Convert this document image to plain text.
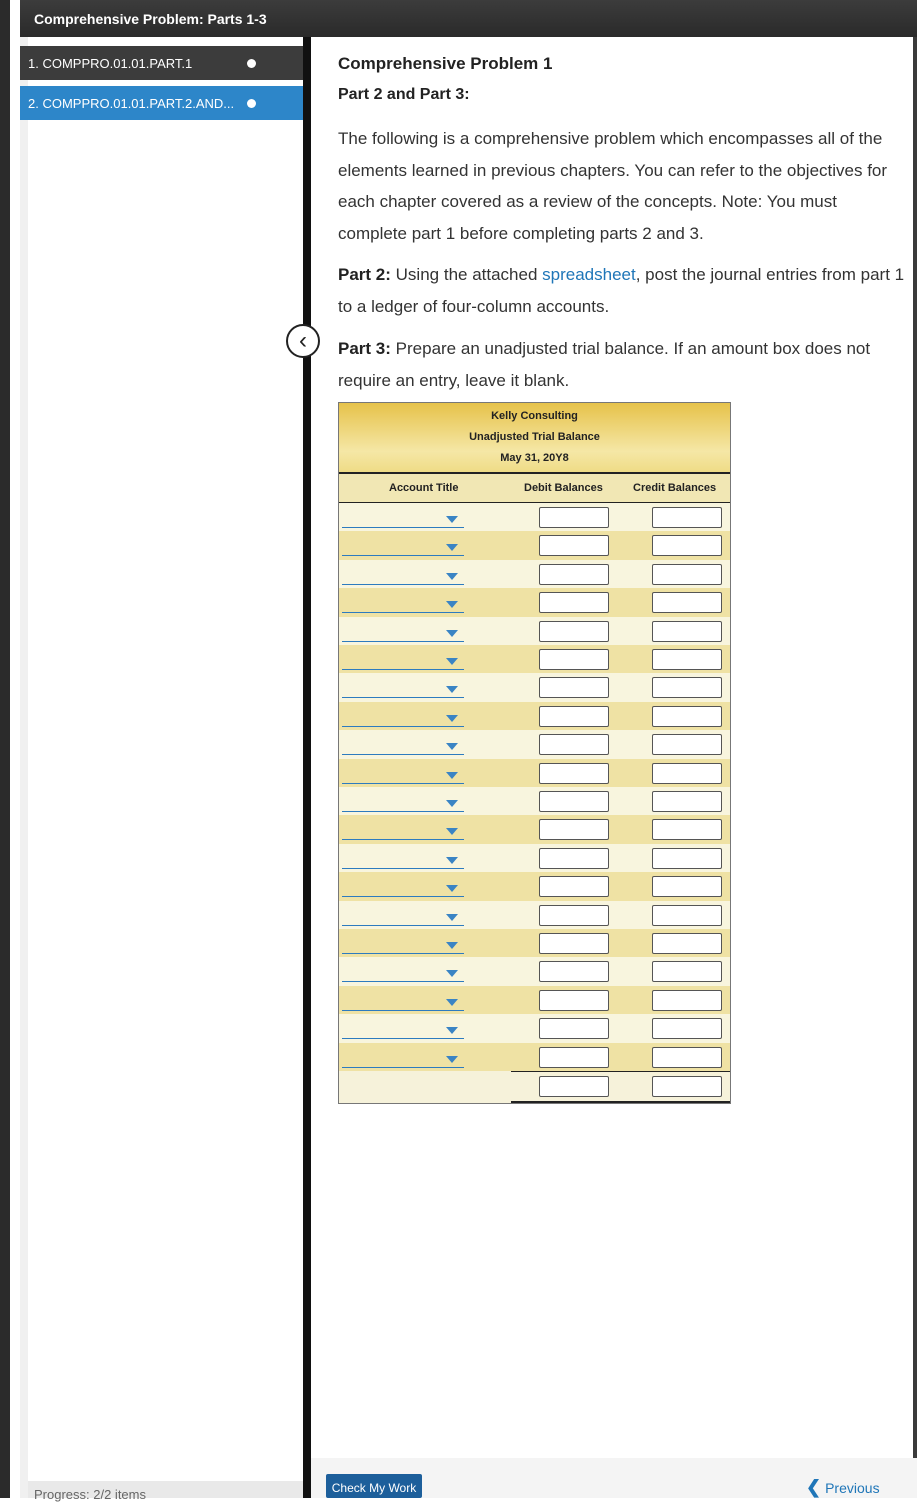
Comprehensive Problem: Parts 1-3
1. COMPPRO.01.01.PART.1
2. COMPPRO.01.01.PART.2.AND...
Progress: 2/2 items
‹
Comprehensive Problem 1
Part 2 and Part 3:
The following is a comprehensive problem which encompasses all of the elements learned in previous chapters. You can refer to the objectives for each chapter covered as a review of the concepts. Note: You must complete part 1 before completing parts 2 and 3.
Part 2: Using the attached spreadsheet, post the journal entries from part 1 to a ledger of four-column accounts.
Part 3: Prepare an unadjusted trial balance. If an amount box does not require an entry, leave it blank.
Kelly Consulting
Unadjusted Trial Balance
May 31, 20Y8
Account Title	Debit Balances	Credit Balances
Check My Work	❮ Previous
